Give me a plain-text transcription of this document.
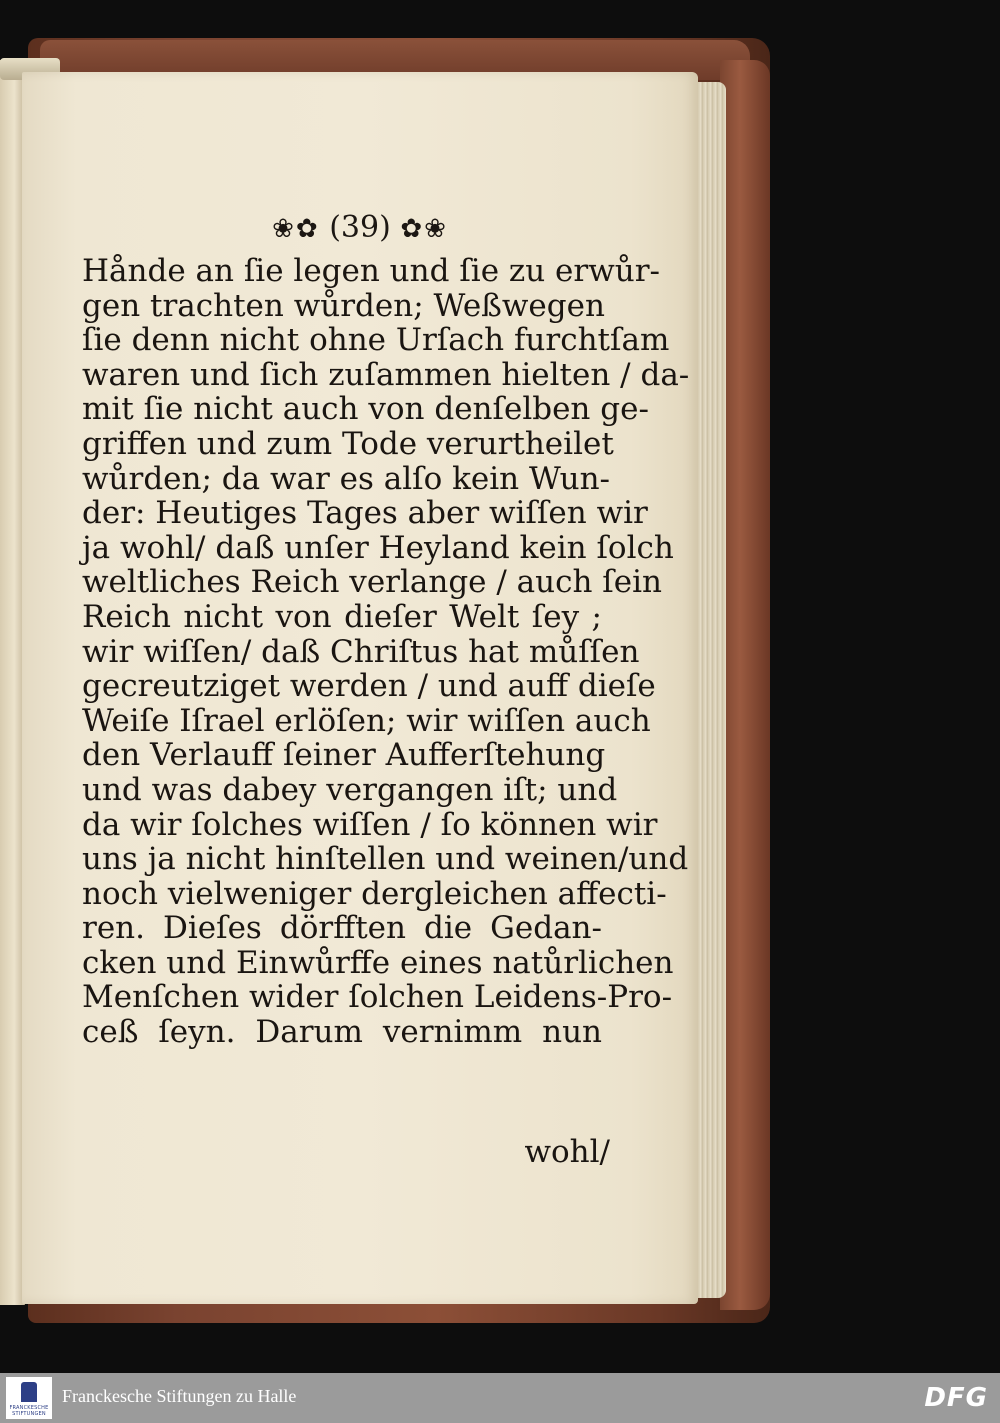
❀✿ (39) ✿❀
Hånde an ſie legen und ſie zu erwůr-
gen trachten wůrden; Weßwegen
ſie denn nicht ohne Urſach furchtſam
waren und ſich zuſammen hielten / da-
mit ſie nicht auch von denſelben ge-
griffen und zum Tode verurtheilet
wůrden; da war es alſo kein Wun-
der: Heutiges Tages aber wiſſen wir
ja wohl/ daß unſer Heyland kein ſolch
weltliches Reich verlange / auch ſein
Reich nicht von dieſer Welt ſey ;
wir wiſſen/ daß Chriſtus hat můſſen
gecreutziget werden / und auff dieſe
Weiſe Iſrael erlöſen; wir wiſſen auch
den Verlauff ſeiner Aufferſtehung
und was dabey vergangen iſt; und
da wir ſolches wiſſen / ſo können wir
uns ja nicht hinſtellen und weinen/und
noch vielweniger dergleichen affecti-
ren. Dieſes dörfften die Gedan-
cken und Einwůrffe eines natůrlichen
Menſchen wider ſolchen Leidens-Pro-
ceß ſeyn. Darum vernimm nun
wohl/
FRANCKESCHE STIFTUNGEN
Franckesche Stiftungen zu Halle	DFG
